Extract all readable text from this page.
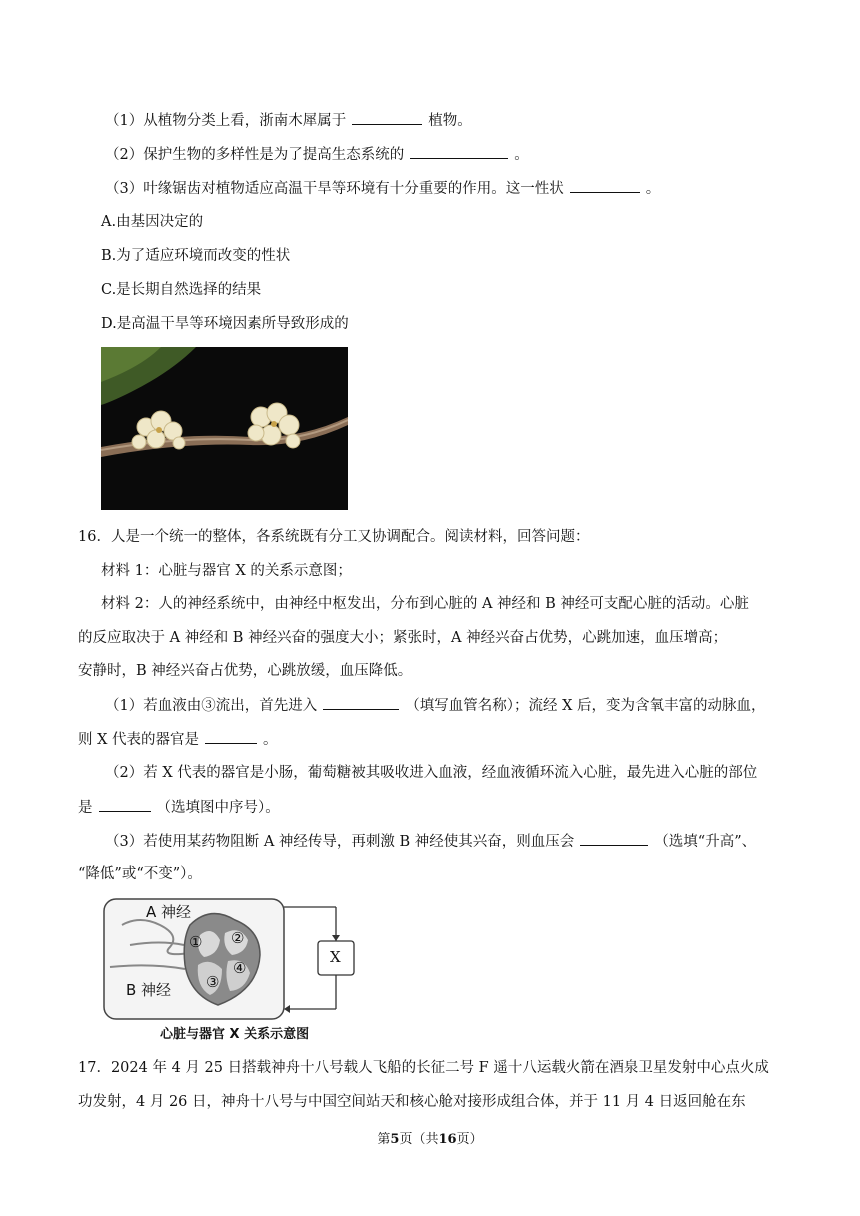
（1）从植物分类上看，浙南木犀属于	植物。
（2）保护生物的多样性是为了提高生态系统的	。
（3）叶缘锯齿对植物适应高温干旱等环境有十分重要的作用。这一性状	。
A.由基因决定的
B.为了适应环境而改变的性状
C.是长期自然选择的结果
D.是高温干旱等环境因素所导致形成的
16．人是一个统一的整体，各系统既有分工又协调配合。阅读材料，回答问题：
材料 1：心脏与器官 X 的关系示意图；
材料 2：人的神经系统中，由神经中枢发出，分布到心脏的 A 神经和 B 神经可支配心脏的活动。心脏
的反应取决于 A 神经和 B 神经兴奋的强度大小；紧张时，A 神经兴奋占优势，心跳加速，血压增高；
安静时，B 神经兴奋占优势，心跳放缓，血压降低。
（1）若血液由③流出，首先进入	（填写血管名称）；流经 X 后，变为含氧丰富的动脉血，
则 X 代表的器官是	。
（2）若 X 代表的器官是小肠，葡萄糖被其吸收进入血液，经血液循环流入心脏，最先进入心脏的部位
是	（选填图中序号）。
（3）若使用某药物阻断 A 神经传导，再刺激 B 神经使其兴奋，则血压会	（选填“升高”、
“降低”或“不变”）。
A 神经
B 神经
X
① ②
③
④
心脏与器官 X 关系示意图
17．2024 年 4 月 25 日搭载神舟十八号载人飞船的长征二号 F 遥十八运载火箭在酒泉卫星发射中心点火成
功发射，4 月 26 日，神舟十八号与中国空间站天和核心舱对接形成组合体，并于 11 月 4 日返回舱在东
第5页（共16页）
